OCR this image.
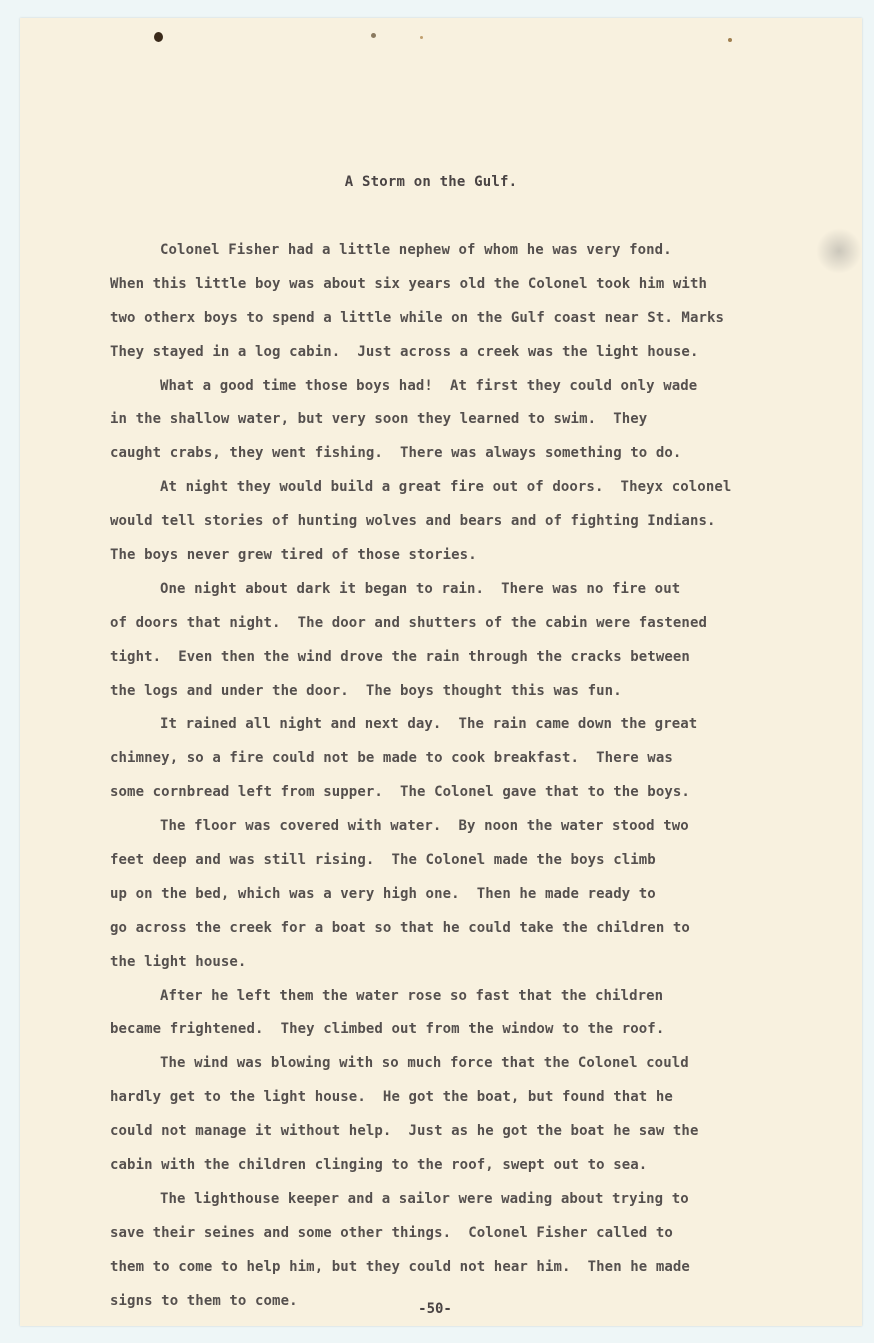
A Storm on the Gulf.
Colonel Fisher had a little nephew of whom he was very fond.
When this little boy was about six years old the Colonel took him with
two otherx boys to spend a little while on the Gulf coast near St. Marks
They stayed in a log cabin.  Just across a creek was the light house.
What a good time those boys had!  At first they could only wade
in the shallow water, but very soon they learned to swim.  They
caught crabs, they went fishing.  There was always something to do.
At night they would build a great fire out of doors.  Theyx colonel
would tell stories of hunting wolves and bears and of fighting Indians.
The boys never grew tired of those stories.
One night about dark it began to rain.  There was no fire out
of doors that night.  The door and shutters of the cabin were fastened
tight.  Even then the wind drove the rain through the cracks between
the logs and under the door.  The boys thought this was fun.
It rained all night and next day.  The rain came down the great
chimney, so a fire could not be made to cook breakfast.  There was
some cornbread left from supper.  The Colonel gave that to the boys.
The floor was covered with water.  By noon the water stood two
feet deep and was still rising.  The Colonel made the boys climb
up on the bed, which was a very high one.  Then he made ready to
go across the creek for a boat so that he could take the children to
the light house.
After he left them the water rose so fast that the children
became frightened.  They climbed out from the window to the roof.
The wind was blowing with so much force that the Colonel could
hardly get to the light house.  He got the boat, but found that he
could not manage it without help.  Just as he got the boat he saw the
cabin with the children clinging to the roof, swept out to sea.
The lighthouse keeper and a sailor were wading about trying to
save their seines and some other things.  Colonel Fisher called to
them to come to help him, but they could not hear him.  Then he made
signs to them to come.
-50-
